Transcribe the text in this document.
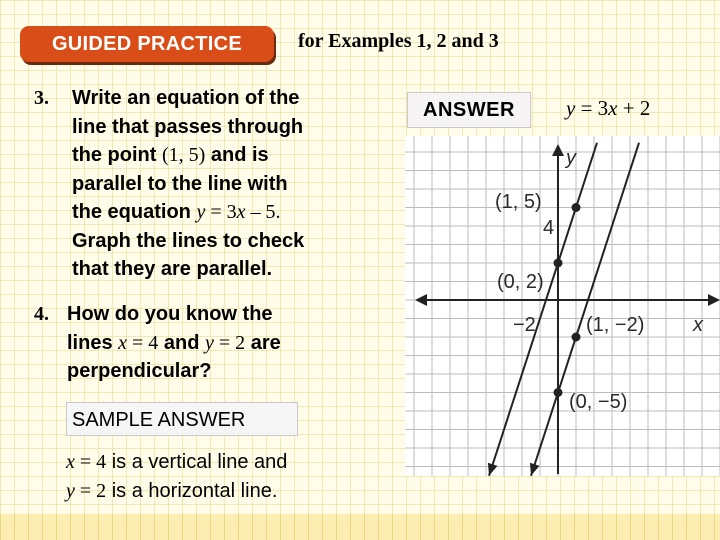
GUIDED PRACTICE	for Examples 1, 2 and 3
3. Write an equation of the
line that passes through
the point (1, 5) and is
parallel to the line with
the equation y = 3x – 5.
Graph the lines to check
that they are parallel.
ANSWER	y = 3x + 2
4. How do you know the
lines x = 4 and y = 2 are
perpendicular?
SAMPLE ANSWER
x = 4 is a vertical line and
y = 2 is a horizontal line.
y
x
4
−2
(1, 5)
(0, 2)
(1, −2)
(0, −5)
